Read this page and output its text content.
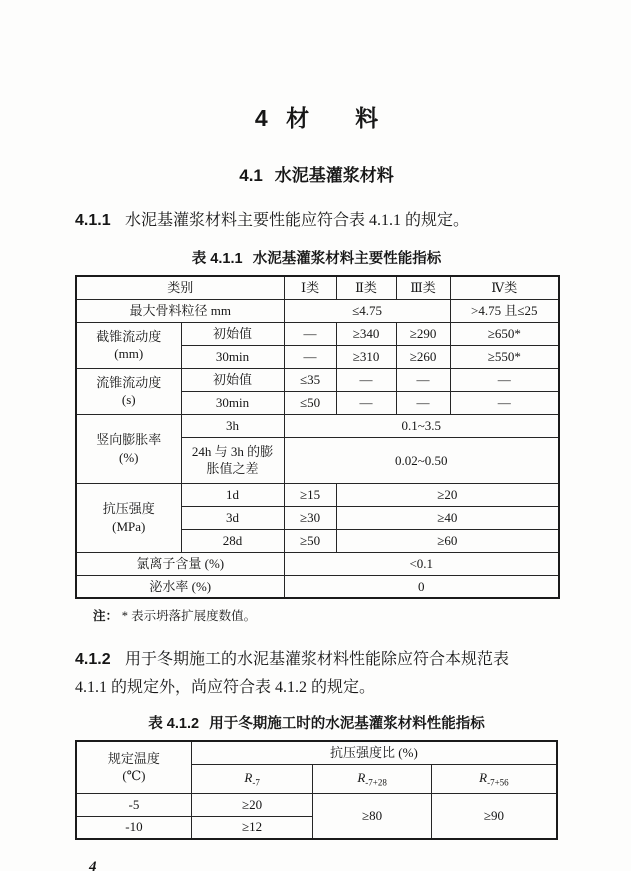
4 材　　料
4.1 水泥基灌浆材料

4.1.1 水泥基灌浆材料主要性能应符合表 4.1.1 的规定。

表 4.1.1 水泥基灌浆材料主要性能指标
类别		Ⅰ类	Ⅱ类	Ⅲ类	Ⅳ类
最大骨料粒径 mm		≤4.75			>4.75 且≤25

截锥流动度
(mm)	初始值	—	≥340	≥290	≥650*
	30min	—	≥310	≥260	≥550*

流锥流动度
(s)	初始值	≤35	—	—	—
	30min	≤50	—	—	—

竖向膨胀率
(%)	3h	0.1~3.5			
	24h 与 3h 的膨胀值之差	0.02~0.50			

抗压强度
(MPa)	1d	≥15	≥20		
	3d	≥30	≥40		
	28d	≥50	≥60		
氯离子含量 (%)		<0.1			
泌水率 (%)		0			
注： * 表示坍落扩展度数值。

4.1.2 用于冬期施工的水泥基灌浆材料性能除应符合本规范表
4.1.1 的规定外，尚应符合表 4.1.2 的规定。

表 4.1.2 用于冬期施工时的水泥基灌浆材料性能指标
规定温度
(℃)	抗压强度比 (%)		
	$R_{-7}$	$R_{-7+28}$	$R_{-7+56}$
-5	≥20	≥80	≥90
-10	≥12		
4
